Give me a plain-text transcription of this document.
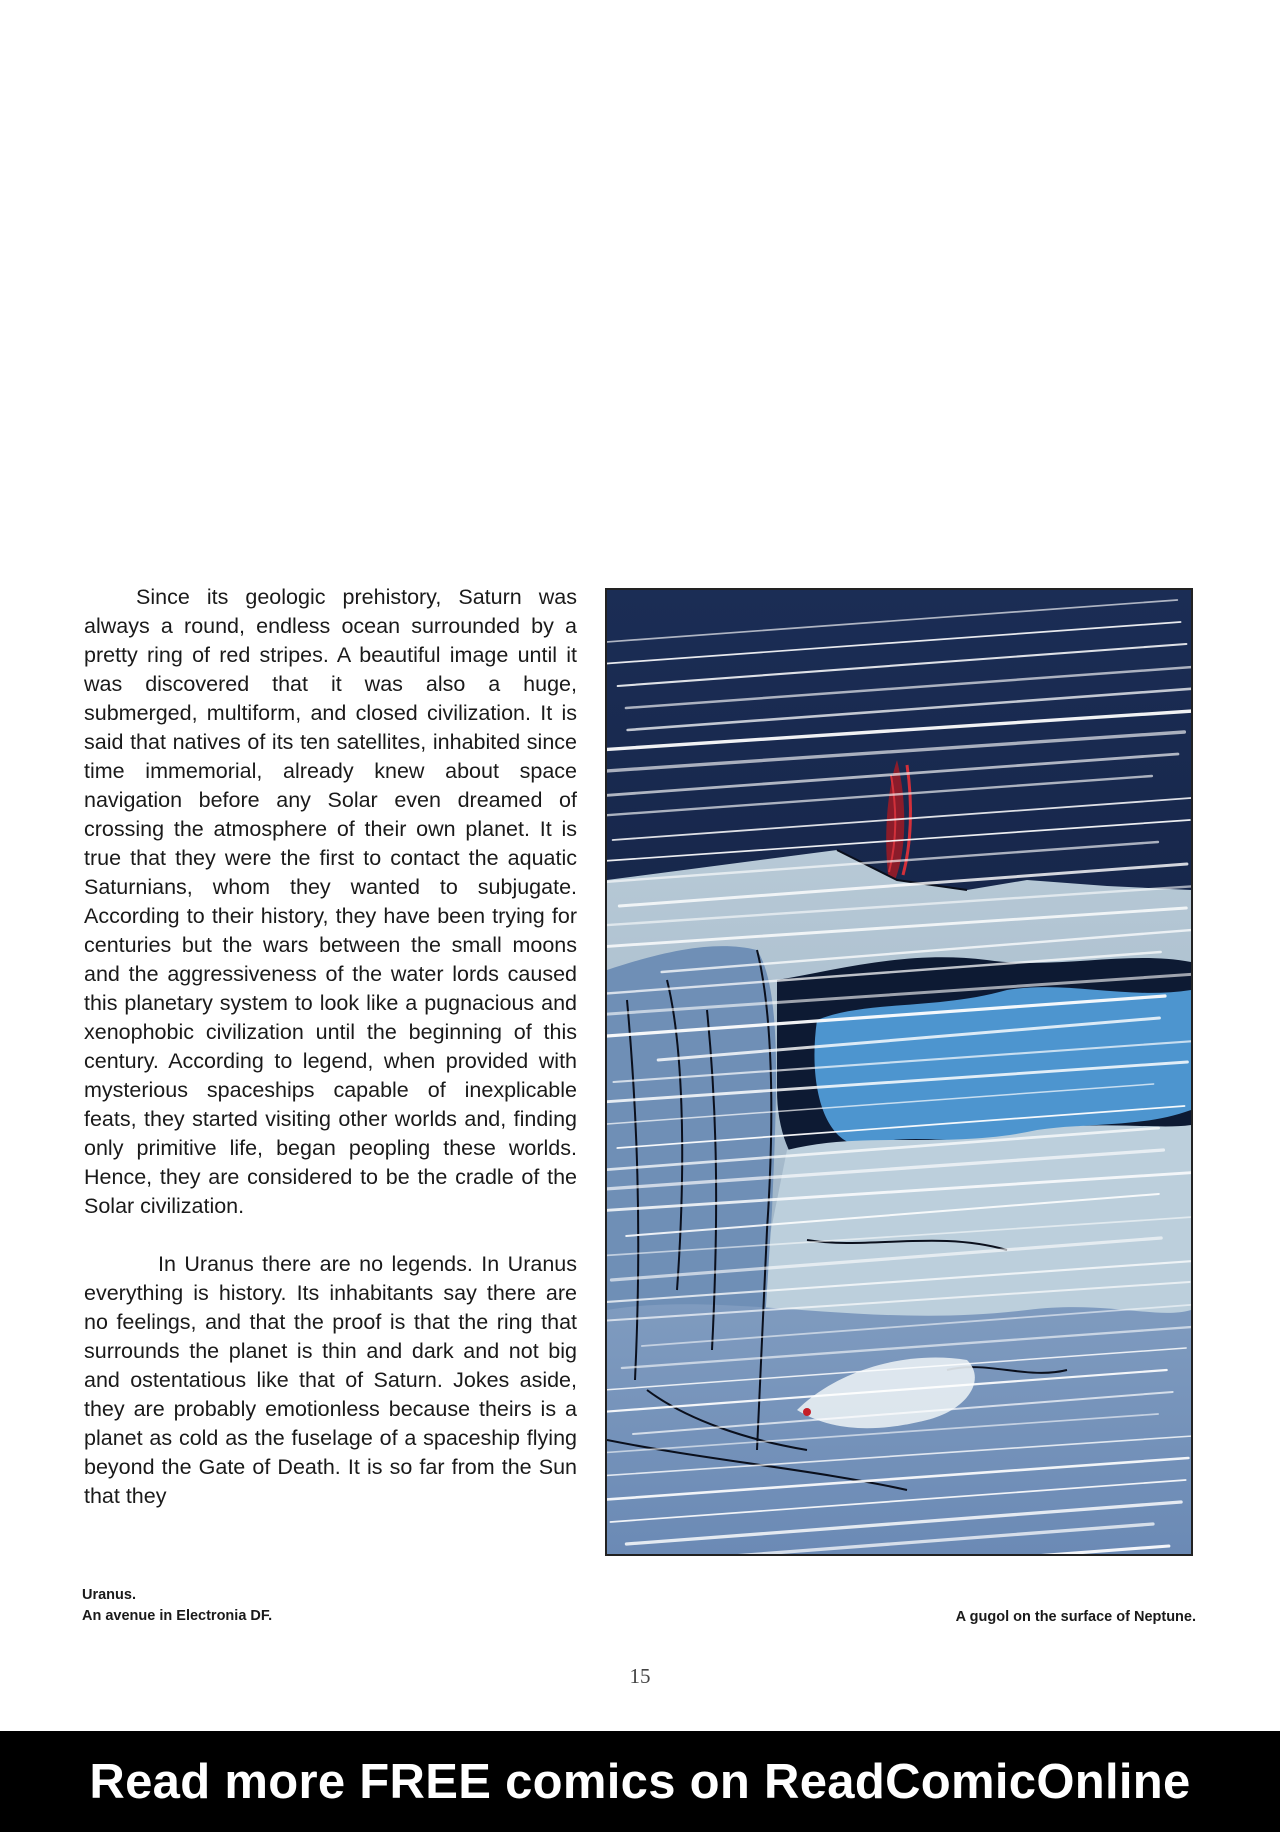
Since its geologic prehistory, Saturn was always a round, endless ocean surrounded by a pretty ring of red stripes. A beautiful image until it was discovered that it was also a huge, submerged, multiform, and closed civilization. It is said that natives of its ten satellites, inhabited since time immemorial, already knew about space navigation before any Solar even dreamed of crossing the atmosphere of their own planet. It is true that they were the first to contact the aquatic Saturnians, whom they wanted to subjugate. According to their history, they have been trying for centuries but the wars between the small moons and the aggressiveness of the water lords caused this planetary system to look like a pugnacious and xenophobic civilization until the beginning of this century. According to legend, when provided with mysterious spaceships capable of inexplicable feats, they started visiting other worlds and, finding only primitive life, began peopling these worlds. Hence, they are considered to be the cradle of the Solar civilization.

In Uranus there are no legends. In Uranus everything is history. Its inhabitants say there are no feelings, and that the proof is that the ring that surrounds the planet is thin and dark and not big and ostentatious like that of Saturn. Jokes aside, they are probably emotionless because theirs is a planet as cold as the fuselage of a spaceship flying beyond the Gate of Death. It is so far from the Sun that they

Uranus.
An avenue in Electronia DF.	A gugol on the surface of Neptune.
15
Read more FREE comics on ReadComicOnline
